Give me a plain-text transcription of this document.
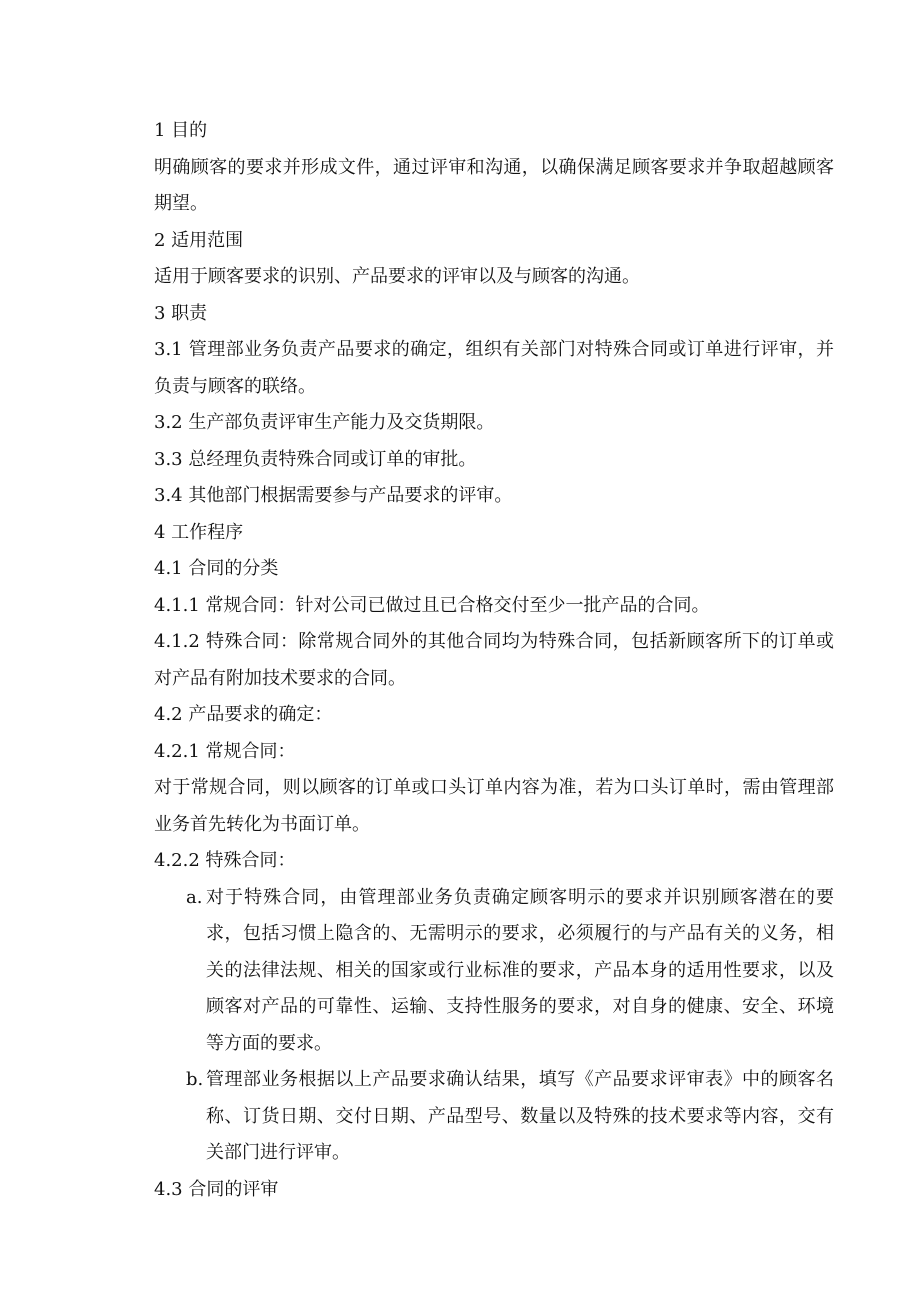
1 目的

明确顾客的要求并形成文件，通过评审和沟通，以确保满足顾客要求并争取超越顾客期望。

2 适用范围

适用于顾客要求的识别、产品要求的评审以及与顾客的沟通。

3 职责

3.1 管理部业务负责产品要求的确定，组织有关部门对特殊合同或订单进行评审，并负责与顾客的联络。

3.2 生产部负责评审生产能力及交货期限。

3.3 总经理负责特殊合同或订单的审批。

3.4 其他部门根据需要参与产品要求的评审。

4 工作程序

4.1 合同的分类

4.1.1 常规合同：针对公司已做过且已合格交付至少一批产品的合同。

4.1.2 特殊合同：除常规合同外的其他合同均为特殊合同，包括新顾客所下的订单或对产品有附加技术要求的合同。

4.2 产品要求的确定：

4.2.1 常规合同：

对于常规合同，则以顾客的订单或口头订单内容为准，若为口头订单时，需由管理部业务首先转化为书面订单。

4.2.2 特殊合同：

a. 对于特殊合同，由管理部业务负责确定顾客明示的要求并识别顾客潜在的要求，包括习惯上隐含的、无需明示的要求，必须履行的与产品有关的义务，相关的法律法规、相关的国家或行业标准的要求，产品本身的适用性要求，以及顾客对产品的可靠性、运输、支持性服务的要求，对自身的健康、安全、环境等方面的要求。
b. 管理部业务根据以上产品要求确认结果，填写《产品要求评审表》中的顾客名称、订货日期、交付日期、产品型号、数量以及特殊的技术要求等内容，交有关部门进行评审。

4.3 合同的评审
